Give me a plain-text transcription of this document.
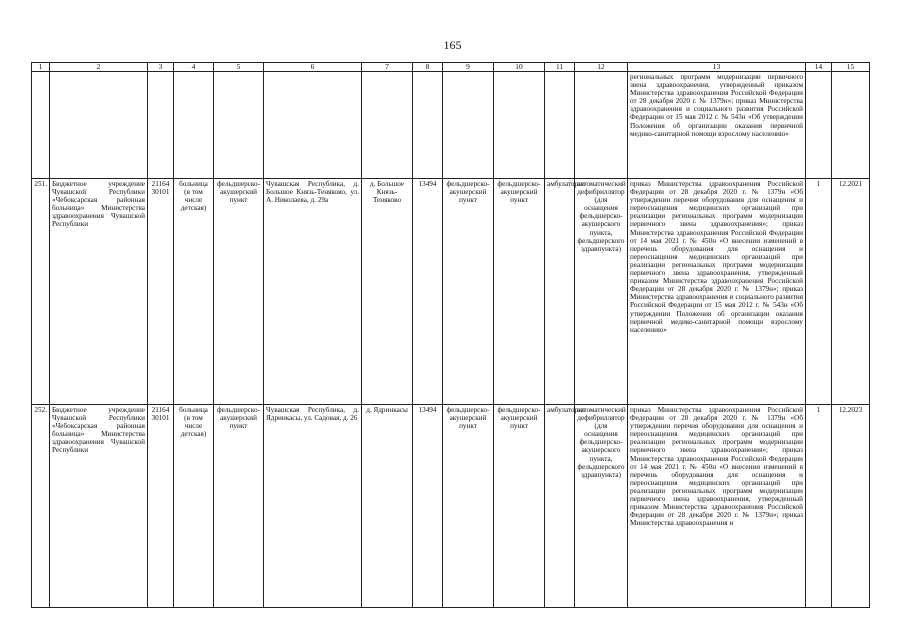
165
1	2	3	4	5	6	7	8	9	10	11	12	13	14	15
												региональных программ модернизации первичного звена здравоохранения, утвержденный приказом Министерства здравоохранения Российской Федерации от 28 декабря 2020 г. № 1379н»; приказ Министерства здравоохранения и социального развития Российской Федерации от 15 мая 2012 г. № 543н «Об утверждении Положения об организации оказания первичной медико-санитарной помощи взрослому населению»		
251.	Бюджетное учреждение Чувашской Республики «Чебоксарская районная больница» Министерства здравоохранения Чувашской Республики	21164 30101	больница (в том числе детская)	фельдшерско-акушерский пункт	Чувашская Республика, д. Большое Князь-Теняково, ул. А. Николаева, д. 29а	д. Большое Князь-Теняково	13494	фельдшерско-акушерский пункт	фельдшерско-акушерский пункт	амбулаторно	автоматический дефибриллятор (для оснащения фельдшерско-акушерского пункта, фельдшерского здравпункта)	приказ Министерства здравоохранения Российской Федерации от 28 декабря 2020 г. № 1379н «Об утверждении перечня оборудования для оснащения и переоснащения медицинских организаций при реализации региональных программ модернизации первичного звена здравоохранения»; приказ Министерства здравоохранения Российской Федерации от 14 мая 2021 г. № 450н «О внесении изменений в перечень оборудования для оснащения и переоснащения медицинских организаций при реализации региональных программ модернизации первичного звена здравоохранения, утвержденный приказом Министерства здравоохранения Российской Федерации от 28 декабря 2020 г. № 1379н»; приказ Министерства здравоохранения и социального развития Российской Федерации от 15 мая 2012 г. № 543н «Об утверждении Положения об организации оказания первичной медико-санитарной помощи взрослому населению»	1	12.2021
252.	Бюджетное учреждение Чувашской Республики «Чебоксарская районная больница» Министерства здравоохранения Чувашской Республики	21164 30101	больница (в том числе детская)	фельдшерско-акушерский пункт	Чувашская Республика, д. Ядринкасы, ул. Садовая, д. 26	д. Ядринкасы	13494	фельдшерско-акушерский пункт	фельдшерско-акушерский пункт	амбулаторно	автоматический дефибриллятор (для оснащения фельдшерско-акушерского пункта, фельдшерского здравпункта)	приказ Министерства здравоохранения Российской Федерации от 28 декабря 2020 г. № 1379н «Об утверждении перечня оборудования для оснащения и переоснащения медицинских организаций при реализации региональных программ модернизации первичного звена здравоохранения»; приказ Министерства здравоохранения Российской Федерации от 14 мая 2021 г. № 450н «О внесении изменений в перечень оборудования для оснащения и переоснащения медицинских организаций при реализации региональных программ модернизации первичного звена здравоохранения, утвержденный приказом Министерства здравоохранения Российской Федерации от 28 декабря 2020 г. № 1379н»; приказ Министерства здравоохранения и	1	12.2023
